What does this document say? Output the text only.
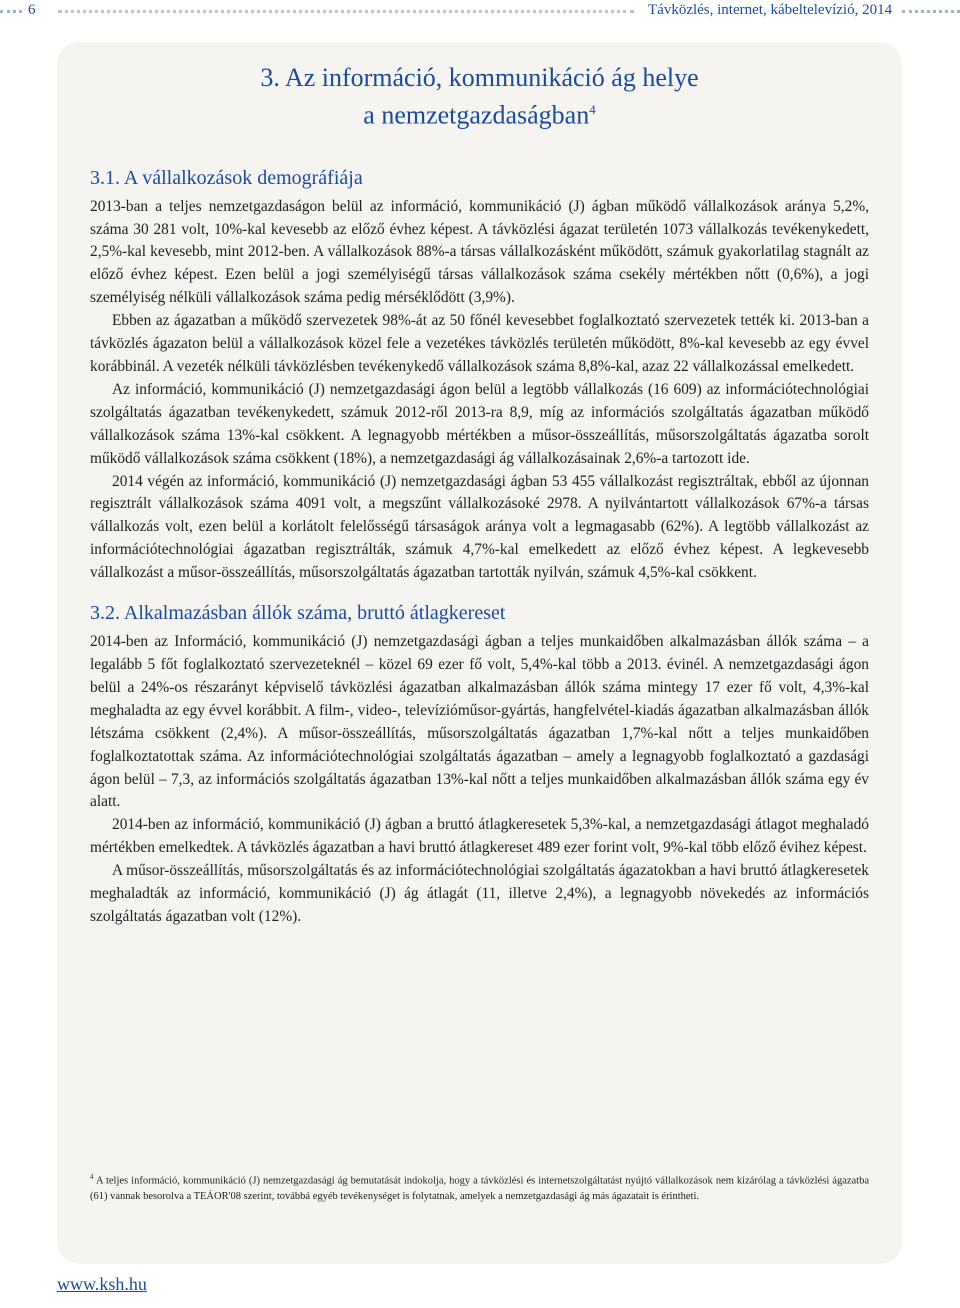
6	Távközlés, internet, kábeltelevízió, 2014
3. Az információ, kommunikáció ág helye
a nemzetgazdaságban$^4$
3.1. A vállalkozások demográfiája

2013-ban a teljes nemzetgazdaságon belül az információ, kommunikáció (J) ágban működő vállalkozások aránya 5,2%, száma 30 281 volt, 10%-kal kevesebb az előző évhez képest. A távközlési ágazat területén 1073 vállalkozás tevékenykedett, 2,5%-kal kevesebb, mint 2012-ben. A vállalkozások 88%-a társas vállalkozásként működött, számuk gyakorlatilag stagnált az előző évhez képest. Ezen belül a jogi személyiségű társas vállalkozások száma csekély mértékben nőtt (0,6%), a jogi személyiség nélküli vállalkozások száma pedig mérséklődött (3,9%).

Ebben az ágazatban a működő szervezetek 98%-át az 50 főnél kevesebbet foglalkoztató szervezetek tették ki. 2013-ban a távközlés ágazaton belül a vállalkozások közel fele a vezetékes távközlés területén működött, 8%-kal kevesebb az egy évvel korábbinál. A vezeték nélküli távközlésben tevékenykedő vállalkozások száma 8,8%-kal, azaz 22 vállalkozással emelkedett.

Az információ, kommunikáció (J) nemzetgazdasági ágon belül a legtöbb vállalkozás (16 609) az információtechnológiai szolgáltatás ágazatban tevékenykedett, számuk 2012-ről 2013-ra 8,9, míg az információs szolgáltatás ágazatban működő vállalkozások száma 13%-kal csökkent. A legnagyobb mértékben a műsor-összeállítás, műsorszolgáltatás ágazatba sorolt működő vállalkozások száma csökkent (18%), a nemzetgazdasági ág vállalkozásainak 2,6%-a tartozott ide.

2014 végén az információ, kommunikáció (J) nemzetgazdasági ágban 53 455 vállalkozást regisztráltak, ebből az újonnan regisztrált vállalkozások száma 4091 volt, a megszűnt vállalkozásoké 2978. A nyilvántartott vállalkozások 67%-a társas vállalkozás volt, ezen belül a korlátolt felelősségű társaságok aránya volt a legmagasabb (62%). A legtöbb vállalkozást az információtechnológiai ágazatban regisztrálták, számuk 4,7%-kal emelkedett az előző évhez képest. A legkevesebb vállalkozást a műsor-összeállítás, műsorszolgáltatás ágazatban tartották nyilván, számuk 4,5%-kal csökkent.

3.2. Alkalmazásban állók száma, bruttó átlagkereset

2014-ben az Információ, kommunikáció (J) nemzetgazdasági ágban a teljes munkaidőben alkalmazásban állók száma – a legalább 5 főt foglalkoztató szervezeteknél – közel 69 ezer fő volt, 5,4%-kal több a 2013. évinél. A nemzetgazdasági ágon belül a 24%-os részarányt képviselő távközlési ágazatban alkalmazásban állók száma mintegy 17 ezer fő volt, 4,3%-kal meghaladta az egy évvel korábbit. A film-, video-, televízióműsor-gyártás, hangfelvétel-kiadás ágazatban alkalmazásban állók létszáma csökkent (2,4%). A műsor-összeállítás, műsorszolgáltatás ágazatban 1,7%-kal nőtt a teljes munkaidőben foglalkoztatottak száma. Az információtechnológiai szolgáltatás ágazatban – amely a legnagyobb foglalkoztató a gazdasági ágon belül – 7,3, az információs szolgáltatás ágazatban 13%-kal nőtt a teljes munkaidőben alkalmazásban állók száma egy év alatt.

2014-ben az információ, kommunikáció (J) ágban a bruttó átlagkeresetek 5,3%-kal, a nemzetgazdasági átlagot meghaladó mértékben emelkedtek. A távközlés ágazatban a havi bruttó átlagkereset 489 ezer forint volt, 9%-kal több előző évihez képest.

A műsor-összeállítás, műsorszolgáltatás és az információtechnológiai szolgáltatás ágazatokban a havi bruttó átlagkeresetek meghaladták az információ, kommunikáció (J) ág átlagát (11, illetve 2,4%), a legnagyobb növekedés az információs szolgáltatás ágazatban volt (12%).

$^4$ A teljes információ, kommunikáció (J) nemzetgazdasági ág bemutatását indokolja, hogy a távközlési és internetszolgáltatást nyújtó vállalkozások nem kizárólag a távközlési ágazatba (61) vannak besorolva a TEÁOR'08 szerint, továbbá egyéb tevékenységet is folytatnak, amelyek a nemzetgazdasági ág más ágazatait is érintheti.
www.ksh.hu
